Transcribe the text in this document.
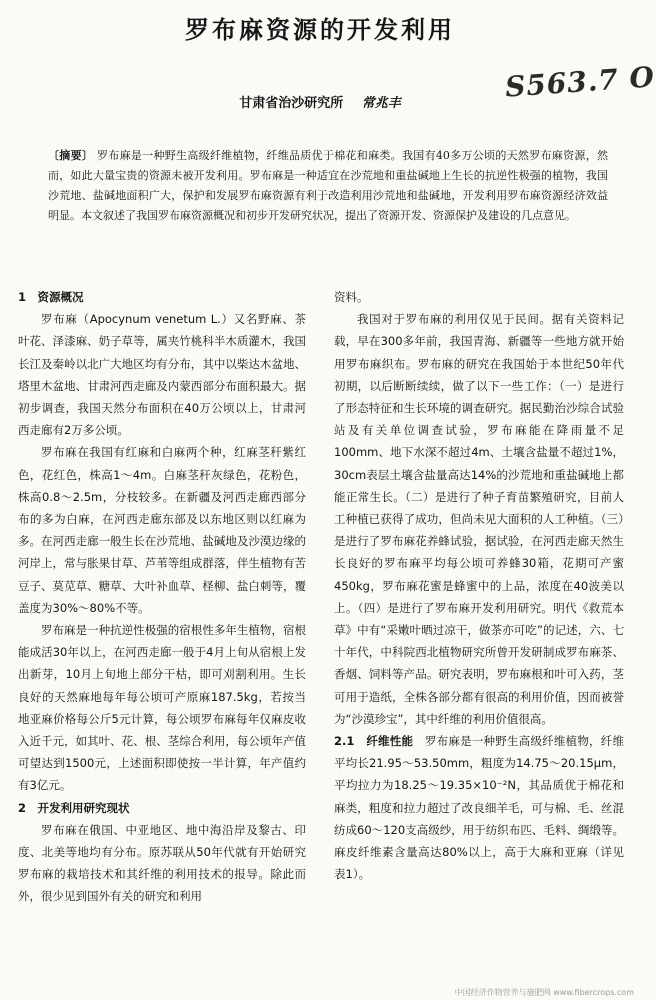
罗布麻资源的开发利用
S563.7 O
甘肃省治沙研究所 常兆丰
〔摘要〕 罗布麻是一种野生高级纤维植物，纤维品质优于棉花和麻类。我国有40多万公顷的天然罗布麻资源，然而，如此大量宝贵的资源未被开发利用。罗布麻是一种适宜在沙荒地和重盐碱地上生长的抗逆性极强的植物，我国沙荒地、盐碱地面积广大，保护和发展罗布麻资源有利于改造利用沙荒地和盐碱地，开发利用罗布麻资源经济效益明显。本文叙述了我国罗布麻资源概况和初步开发研究状况，提出了资源开发、资源保护及建设的几点意见。
1　资源概况

罗布麻（Apocynum venetum L.）又名野麻、茶叶花、泽漆麻、奶子草等，属夹竹桃科半木质灌木，我国长江及秦岭以北广大地区均有分布，其中以柴达木盆地、塔里木盆地、甘肃河西走廊及内蒙西部分布面积最大。据初步调查，我国天然分布面积在40万公顷以上，甘肃河西走廊有2万多公顷。

罗布麻在我国有红麻和白麻两个种，红麻茎秆紫红色，花红色，株高1～4m。白麻茎秆灰绿色，花粉色，株高0.8～2.5m，分枝较多。在新疆及河西走廊西部分布的多为白麻，在河西走廊东部及以东地区则以红麻为多。在河西走廊一般生长在沙荒地、盐碱地及沙漠边缘的河岸上，常与胀果甘草、芦苇等组成群落，伴生植物有苦豆子、莫苋草、糖草、大叶补血草、柽柳、盐白刺等，覆盖度为30%～80%不等。

罗布麻是一种抗逆性极强的宿根性多年生植物，宿根能成活30年以上，在河西走廊一般于4月上旬从宿根上发出新芽，10月上旬地上部分干枯，即可刈割利用。生长良好的天然麻地每年每公顷可产原麻187.5kg，若按当地亚麻价格每公斤5元计算，每公顷罗布麻每年仅麻皮收入近千元，如其叶、花、根、茎综合利用，每公顷年产值可望达到1500元，上述面积即使按一半计算，年产值约有3亿元。

2　开发利用研究现状

罗布麻在俄国、中亚地区、地中海沿岸及黎古、印度、北美等地均有分布。原苏联从50年代就有开始研究罗布麻的栽培技术和其纤维的利用技术的报导。除此而外，很少见到国外有关的研究和利用

资料。

我国对于罗布麻的利用仅见于民间。据有关资料记载，早在300多年前，我国青海、新疆等一些地方就开始用罗布麻织布。罗布麻的研究在我国始于本世纪50年代初期，以后断断续续，做了以下一些工作：（一）是进行了形态特征和生长环境的调查研究。据民勤治沙综合试验站及有关单位调查试验，罗布麻能在降雨量不足100mm、地下水深不超过4m、土壤含盐量不超过1%，30cm表层土壤含盐量高达14%的沙荒地和重盐碱地上都能正常生长。（二）是进行了种子育苗繁殖研究，目前人工种植已获得了成功，但尚未见大面积的人工种植。（三）是进行了罗布麻花养蜂试验，据试验，在河西走廊天然生长良好的罗布麻平均每公顷可养蜂30箱，花期可产蜜450kg，罗布麻花蜜是蜂蜜中的上品，浓度在40波美以上。（四）是进行了罗布麻开发利用研究。明代《救荒本草》中有“采嫩叶晒过凉干，做茶亦可吃”的记述，六、七十年代，中科院西北植物研究所曾开发研制成罗布麻茶、香烟、饲料等产品。研究表明，罗布麻根和叶可入药，茎可用于造纸，全株各部分都有很高的利用价值，因而被誉为“沙漠珍宝”，其中纤维的利用价值很高。

2.1　纤维性能　罗布麻是一种野生高级纤维植物，纤维平均长21.95～53.50mm，粗度为14.75～20.15μm，平均拉力为18.25～19.35×10⁻²N，其品质优于棉花和麻类，粗度和拉力超过了改良细羊毛，可与棉、毛、丝混纺成60～120支高级纱，用于纺织布匹、毛料、绸缎等。麻皮纤维素含量高达80%以上，高于大麻和亚麻（详见表1）。

中国经济作物营养与施肥网 www.fibercrops.com
